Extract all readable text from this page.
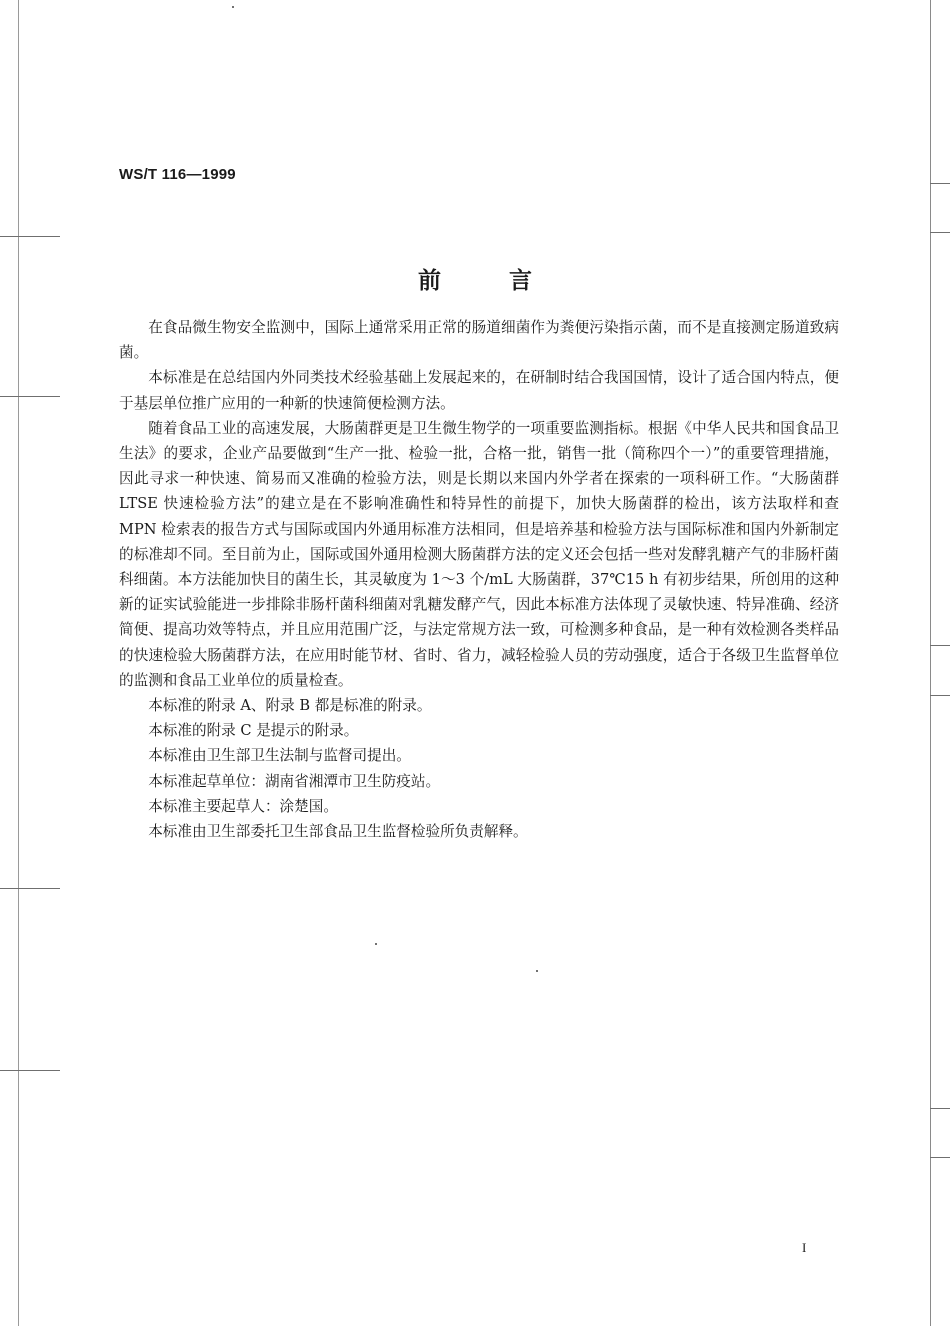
WS/T 116—1999
前言

在食品微生物安全监测中，国际上通常采用正常的肠道细菌作为粪便污染指示菌，而不是直接测定肠道致病菌。

本标准是在总结国内外同类技术经验基础上发展起来的，在研制时结合我国国情，设计了适合国内特点，便于基层单位推广应用的一种新的快速简便检测方法。

随着食品工业的高速发展，大肠菌群更是卫生微生物学的一项重要监测指标。根据《中华人民共和国食品卫生法》的要求，企业产品要做到“生产一批、检验一批，合格一批，销售一批（简称四个一）”的重要管理措施，因此寻求一种快速、简易而又准确的检验方法，则是长期以来国内外学者在探索的一项科研工作。“大肠菌群 LTSE 快速检验方法”的建立是在不影响准确性和特异性的前提下，加快大肠菌群的检出，该方法取样和查 MPN 检索表的报告方式与国际或国内外通用标准方法相同，但是培养基和检验方法与国际标准和国内外新制定的标准却不同。至目前为止，国际或国外通用检测大肠菌群方法的定义还会包括一些对发酵乳糖产气的非肠杆菌科细菌。本方法能加快目的菌生长，其灵敏度为 1～3 个/mL 大肠菌群，37℃15 h 有初步结果，所创用的这种新的证实试验能进一步排除非肠杆菌科细菌对乳糖发酵产气，因此本标准方法体现了灵敏快速、特异准确、经济简便、提高功效等特点，并且应用范围广泛，与法定常规方法一致，可检测多种食品，是一种有效检测各类样品的快速检验大肠菌群方法，在应用时能节材、省时、省力，减轻检验人员的劳动强度，适合于各级卫生监督单位的监测和食品工业单位的质量检查。

本标准的附录 A、附录 B 都是标准的附录。

本标准的附录 C 是提示的附录。

本标准由卫生部卫生法制与监督司提出。

本标准起草单位：湖南省湘潭市卫生防疫站。

本标准主要起草人：涂楚国。

本标准由卫生部委托卫生部食品卫生监督检验所负责解释。

I
